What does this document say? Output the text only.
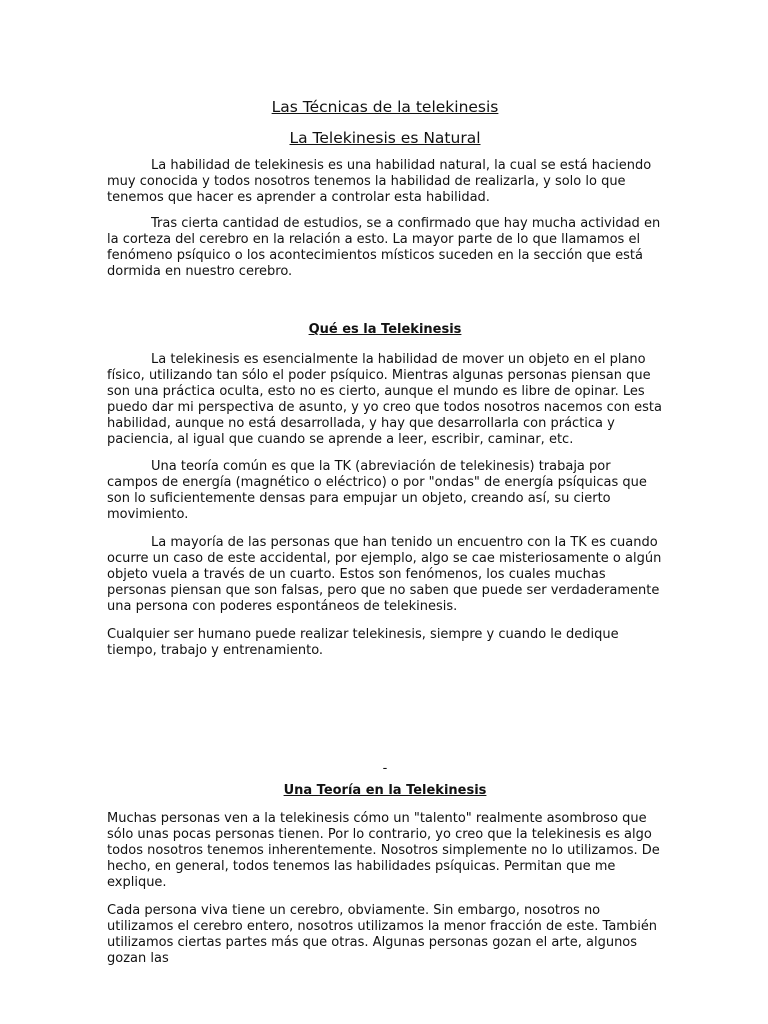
Las Técnicas de la telekinesis
La Telekinesis es Natural

La habilidad de telekinesis es una habilidad natural, la cual se está haciendo muy conocida y todos nosotros tenemos la habilidad de realizarla, y solo lo que tenemos que hacer es aprender a controlar esta habilidad.

Tras cierta cantidad de estudios, se a confirmado que hay mucha actividad en la corteza del cerebro en la relación a esto. La mayor parte de lo que llamamos el fenómeno psíquico o los acontecimientos místicos suceden en la sección que está dormida en nuestro cerebro.

Qué es la Telekinesis

La telekinesis es esencialmente la habilidad de mover un objeto en el plano físico, utilizando tan sólo el poder psíquico. Mientras algunas personas piensan que son una práctica oculta, esto no es cierto, aunque el mundo es libre de opinar. Les puedo dar mi perspectiva de asunto, y yo creo que todos nosotros nacemos con esta habilidad, aunque no está desarrollada, y hay que desarrollarla con práctica y paciencia, al igual que cuando se aprende a leer, escribir, caminar, etc.

Una teoría común es que la TK (abreviación de telekinesis) trabaja por campos de energía (magnético o eléctrico) o por "ondas" de energía psíquicas que son lo suficientemente densas para empujar un objeto, creando así, su cierto movimiento.

La mayoría de las personas que han tenido un encuentro con la TK es cuando ocurre un caso de este accidental, por ejemplo, algo se cae misteriosamente o algún objeto vuela a través de un cuarto. Estos son fenómenos, los cuales muchas personas piensan que son falsas, pero que no saben que puede ser verdaderamente una persona con poderes espontáneos de telekinesis.

Cualquier ser humano puede realizar telekinesis, siempre y cuando le dedique tiempo, trabajo y entrenamiento.

-

Una Teoría en la Telekinesis

Muchas personas ven a la telekinesis cómo un "talento" realmente asombroso que sólo unas pocas personas tienen. Por lo contrario, yo creo que la telekinesis es algo todos nosotros tenemos inherentemente. Nosotros simplemente no lo utilizamos. De hecho, en general, todos tenemos las habilidades psíquicas. Permitan que me explique.

Cada persona viva tiene un cerebro, obviamente. Sin embargo, nosotros no utilizamos el cerebro entero, nosotros utilizamos la menor fracción de este. También utilizamos ciertas partes más que otras. Algunas personas gozan el arte, algunos gozan las
